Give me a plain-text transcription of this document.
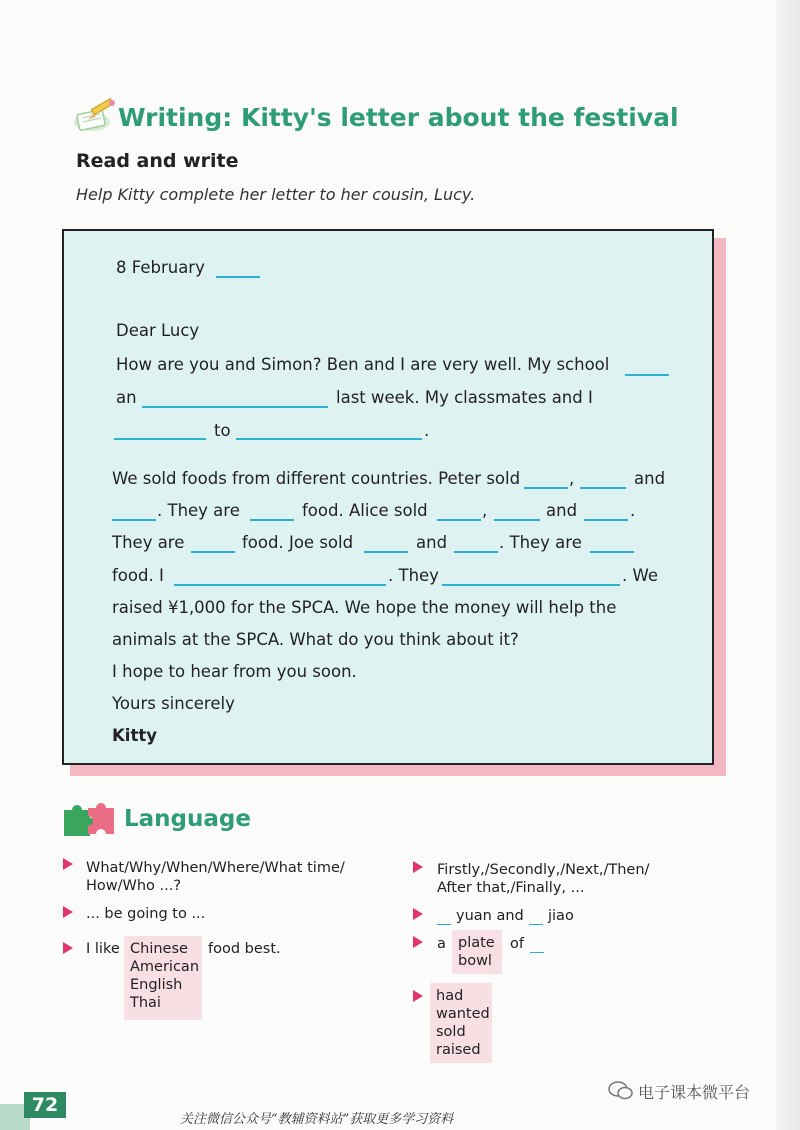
Writing: Kitty's letter about the festival
Read and write
Help Kitty complete her letter to her cousin, Lucy.
8 February
Dear Lucy
How are you and Simon? Ben and I are very well. My school
an	last week. My classmates and I
to	.
We sold foods from different countries. Peter sold	,	and
. They are	food. Alice sold	,	and	.
They are	food. Joe sold	and	. They are
food. I	. They	. We
raised ¥1,000 for the SPCA. We hope the money will help the
animals at the SPCA. What do you think about it?
I hope to hear from you soon.
Yours sincerely
Kitty
Language
What/Why/When/Where/What time/
How/Who ...?
... be going to ...
I like Chinese
American
English
Thai
food best.
Firstly,/Secondly,/Next,/Then/
After that,/Finally, ...
yuan and jiao
a plate
bowl
of
had
wanted
sold
raised
72
电子课本微平台
关注微信公众号“教辅资料站”获取更多学习资料
